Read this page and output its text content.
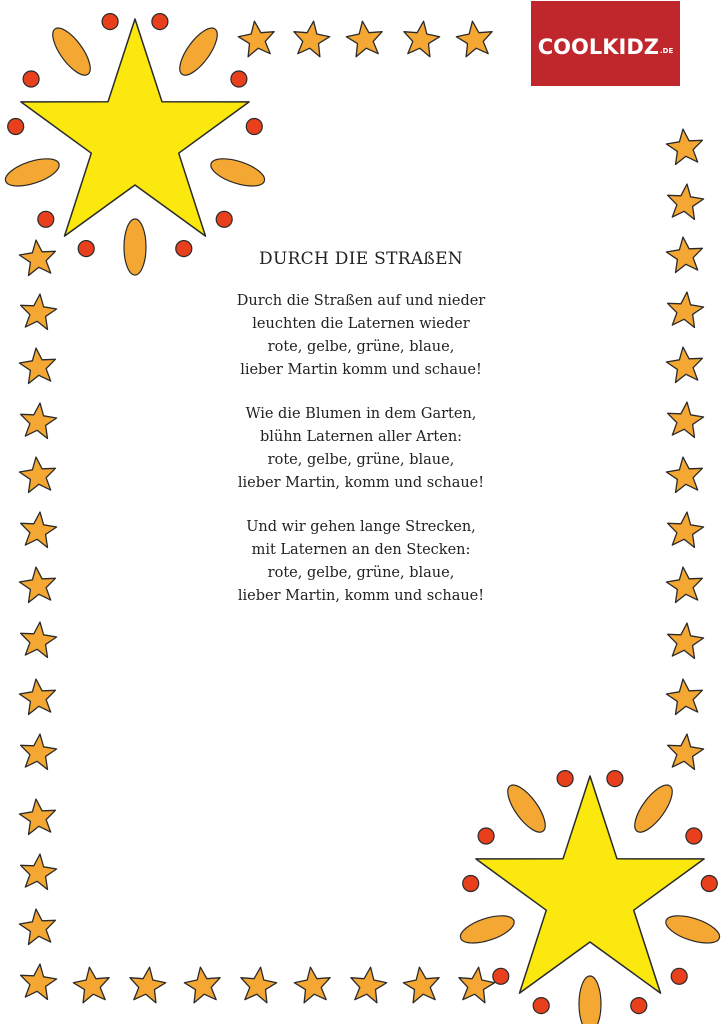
COOLKIDZ .DE
DURCH DIE STRAßEN
Durch die Straßen auf und nieder
leuchten die Laternen wieder
rote, gelbe, grüne, blaue,
lieber Martin komm und schaue!
Wie die Blumen in dem Garten,
blühn Laternen aller Arten:
rote, gelbe, grüne, blaue,
lieber Martin, komm und schaue!
Und wir gehen lange Strecken,
mit Laternen an den Stecken:
rote, gelbe, grüne, blaue,
lieber Martin, komm und schaue!
